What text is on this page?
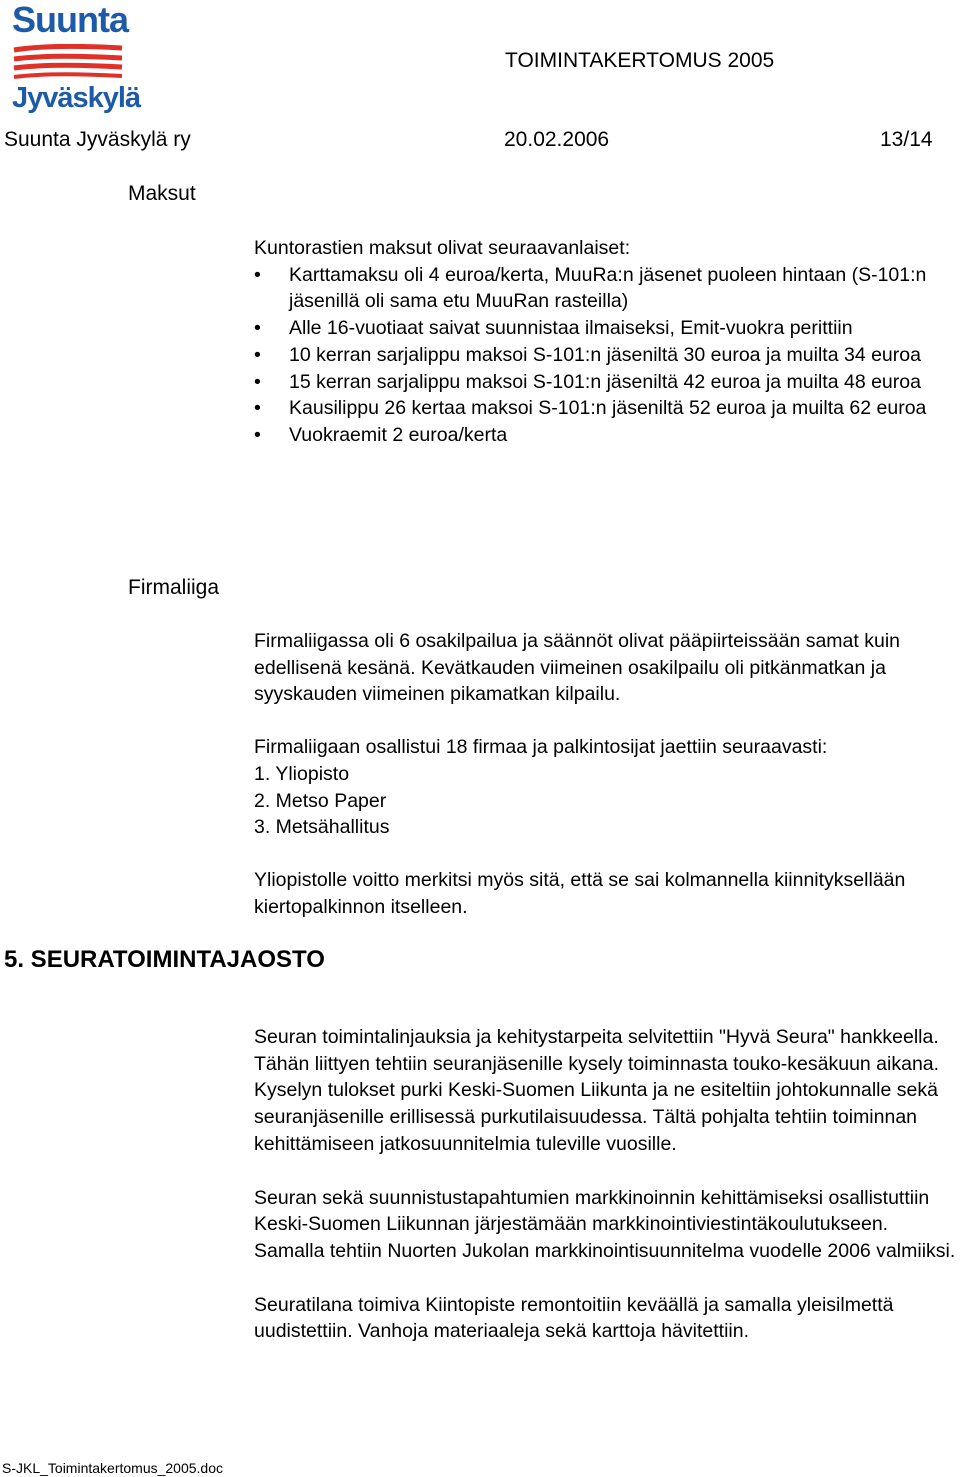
Suunta
Jyväskylä
TOIMINTAKERTOMUS 2005
Suunta Jyväskylä ry	20.02.2006	13/14
Maksut

Kuntorastien maksut olivat seuraavanlaiset:

• Karttamaksu oli 4 euroa/kerta, MuuRa:n jäsenet puoleen hintaan (S-101:n jäsenillä oli sama etu MuuRan rasteilla)
• Alle 16-vuotiaat saivat suunnistaa ilmaiseksi, Emit-vuokra perittiin
• 10 kerran sarjalippu maksoi S-101:n jäseniltä 30 euroa ja muilta 34 euroa
• 15 kerran sarjalippu maksoi S-101:n jäseniltä 42 euroa ja muilta 48 euroa
• Kausilippu 26 kertaa maksoi S-101:n jäseniltä 52 euroa ja muilta 62 euroa
• Vuokraemit 2 euroa/kerta
Firmaliiga

Firmaliigassa oli 6 osakilpailua ja säännöt olivat pääpiirteissään samat kuin edellisenä kesänä. Kevätkauden viimeinen osakilpailu oli pitkänmatkan ja syyskauden viimeinen pikamatkan kilpailu.

Firmaliigaan osallistui 18 firmaa ja palkintosijat jaettiin seuraavasti:

1. Yliopisto

2. Metso Paper

3. Metsähallitus

Yliopistolle voitto merkitsi myös sitä, että se sai kolmannella kiinnityksellään kiertopalkinnon itselleen.

5. SEURATOIMINTAJAOSTO

Seuran toimintalinjauksia ja kehitystarpeita selvitettiin "Hyvä Seura" hankkeella. Tähän liittyen tehtiin seuranjäsenille kysely toiminnasta touko-kesäkuun aikana. Kyselyn tulokset purki Keski-Suomen Liikunta ja ne esiteltiin johtokunnalle sekä seuranjäsenille erillisessä purkutilaisuudessa. Tältä pohjalta tehtiin toiminnan kehittämiseen jatkosuunnitelmia tuleville vuosille.

Seuran sekä suunnistustapahtumien markkinoinnin kehittämiseksi osallistuttiin Keski-Suomen Liikunnan järjestämään markkinointiviestintäkoulutukseen. Samalla tehtiin Nuorten Jukolan markkinointisuunnitelma vuodelle 2006 valmiiksi.

Seuratilana toimiva Kiintopiste remontoitiin keväällä ja samalla yleisilmettä uudistettiin. Vanhoja materiaaleja sekä karttoja hävitettiin.

S-JKL_Toimintakertomus_2005.doc
